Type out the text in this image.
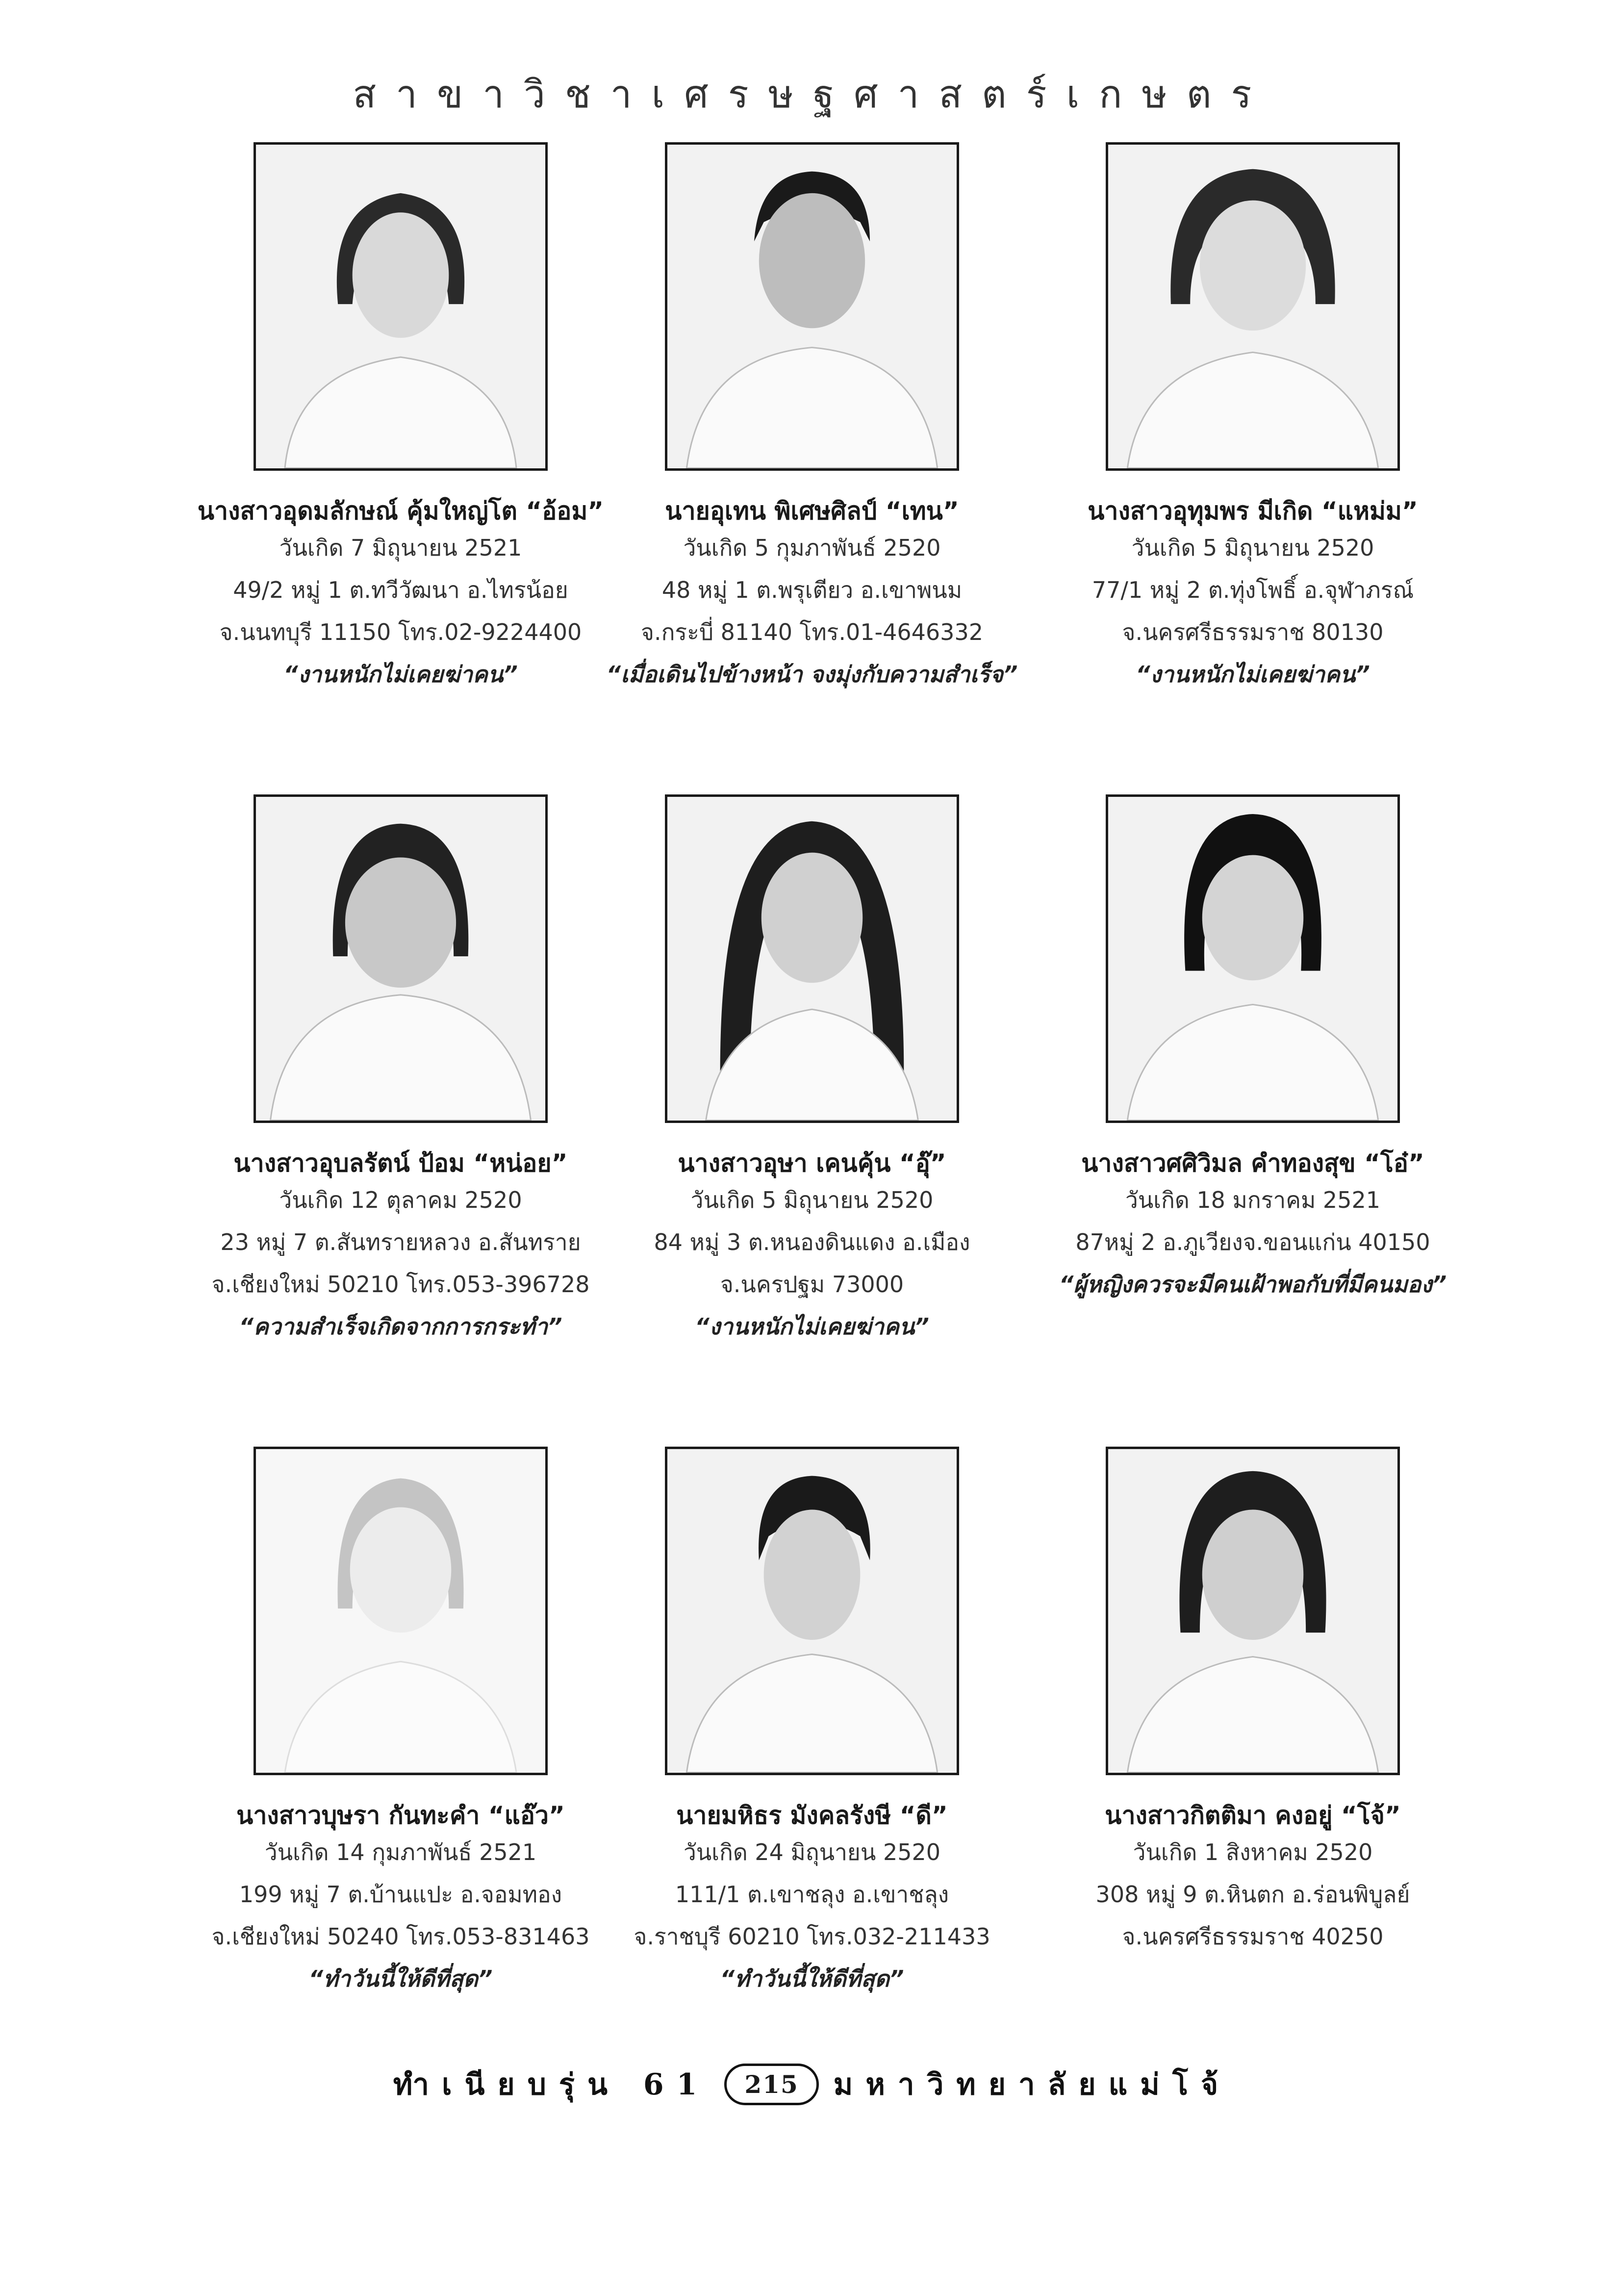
สาขาวิชาเศรษฐศาสตร์เกษตร
นางสาวอุดมลักษณ์ คุ้มใหญ่โต “อ้อม”
วันเกิด 7 มิถุนายน 2521
49/2 หมู่ 1 ต.ทวีวัฒนา อ.ไทรน้อย
จ.นนทบุรี 11150 โทร.02-9224400
“งานหนักไม่เคยฆ่าคน”
นายอุเทน พิเศษศิลป์ “เทน”
วันเกิด 5 กุมภาพันธ์ 2520
48 หมู่ 1 ต.พรุเตียว อ.เขาพนม
จ.กระบี่ 81140 โทร.01-4646332
“เมื่อเดินไปข้างหน้า จงมุ่งกับความสำเร็จ”
นางสาวอุทุมพร มีเกิด “แหม่ม”
วันเกิด 5 มิถุนายน 2520
77/1 หมู่ 2 ต.ทุ่งโพธิ์ อ.จุฬาภรณ์
จ.นครศรีธรรมราช 80130
“งานหนักไม่เคยฆ่าคน”
นางสาวอุบลรัตน์ ป้อม “หน่อย”
วันเกิด 12 ตุลาคม 2520
23 หมู่ 7 ต.สันทรายหลวง อ.สันทราย
จ.เชียงใหม่ 50210 โทร.053-396728
“ความสำเร็จเกิดจากการกระทำ”
นางสาวอุษา เคนคุ้น “อุ๊”
วันเกิด 5 มิถุนายน 2520
84 หมู่ 3 ต.หนองดินแดง อ.เมือง
จ.นครปฐม 73000
“งานหนักไม่เคยฆ่าคน”
นางสาวศศิวิมล คำทองสุข “โอ๋”
วันเกิด 18 มกราคม 2521
87หมู่ 2 อ.ภูเวียงจ.ขอนแก่น 40150
“ผู้หญิงควรจะมีคนเฝ้าพอกับที่มีคนมอง”
นางสาวบุษรา กันทะคำ “แอ๊ว”
วันเกิด 14 กุมภาพันธ์ 2521
199 หมู่ 7 ต.บ้านแปะ อ.จอมทอง
จ.เชียงใหม่ 50240 โทร.053-831463
“ทำวันนี้ให้ดีที่สุด”
นายมหิธร มังคลรังษี “ดี”
วันเกิด 24 มิถุนายน 2520
111/1 ต.เขาชลุง อ.เขาชลุง
จ.ราชบุรี 60210 โทร.032-211433
“ทำวันนี้ให้ดีที่สุด”
นางสาวกิตติมา คงอยู่ “โจ้”
วันเกิด 1 สิงหาคม 2520
308 หมู่ 9 ต.หินตก อ.ร่อนพิบูลย์
จ.นครศรีธรรมราช 40250
ทำเนียบรุ่น 61	215	มหาวิทยาลัยแม่โจ้
